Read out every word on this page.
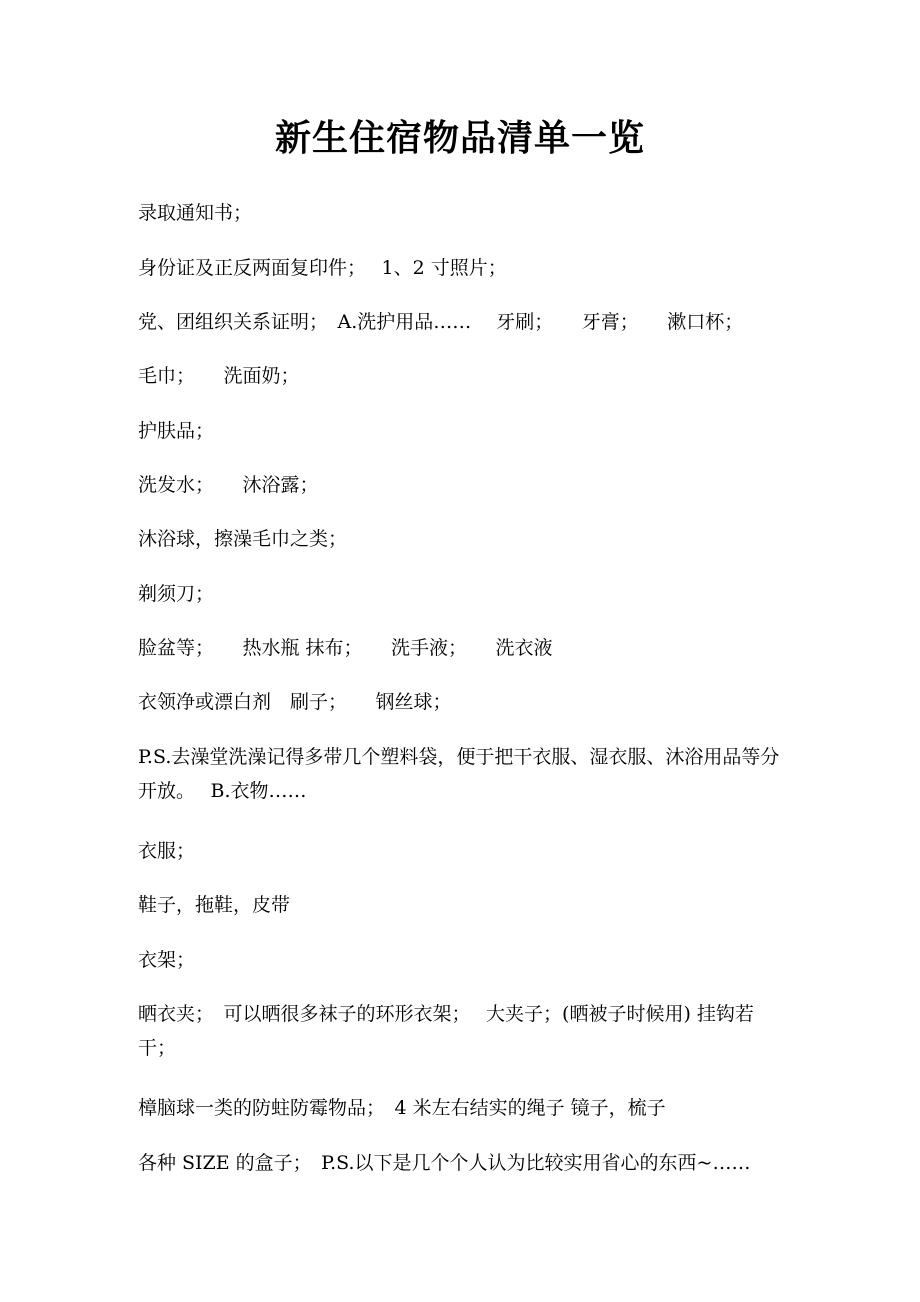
新生住宿物品清单一览

录取通知书；

身份证及正反两面复印件；　 1、2 寸照片；

党、团组织关系证明；　A.洗护用品……　 牙刷；　　牙膏；　　漱口杯；

毛巾；　　洗面奶；

护肤品；

洗发水；　　沐浴露；

沐浴球，擦澡毛巾之类；

剃须刀；

脸盆等；　　热水瓶 抹布；　　洗手液；　　洗衣液

衣领净或漂白剂　刷子；　　钢丝球；

P.S.去澡堂洗澡记得多带几个塑料袋，便于把干衣服、湿衣服、沐浴用品等分开放。　 B.衣物……

衣服；

鞋子，拖鞋，皮带

衣架；

晒衣夹；　可以晒很多袜子的环形衣架；　 大夹子；(晒被子时候用) 挂钩若干；

樟脑球一类的防蛀防霉物品；　4 米左右结实的绳子 镜子，梳子

各种 SIZE 的盒子；　P.S.以下是几个个人认为比较实用省心的东西~……
